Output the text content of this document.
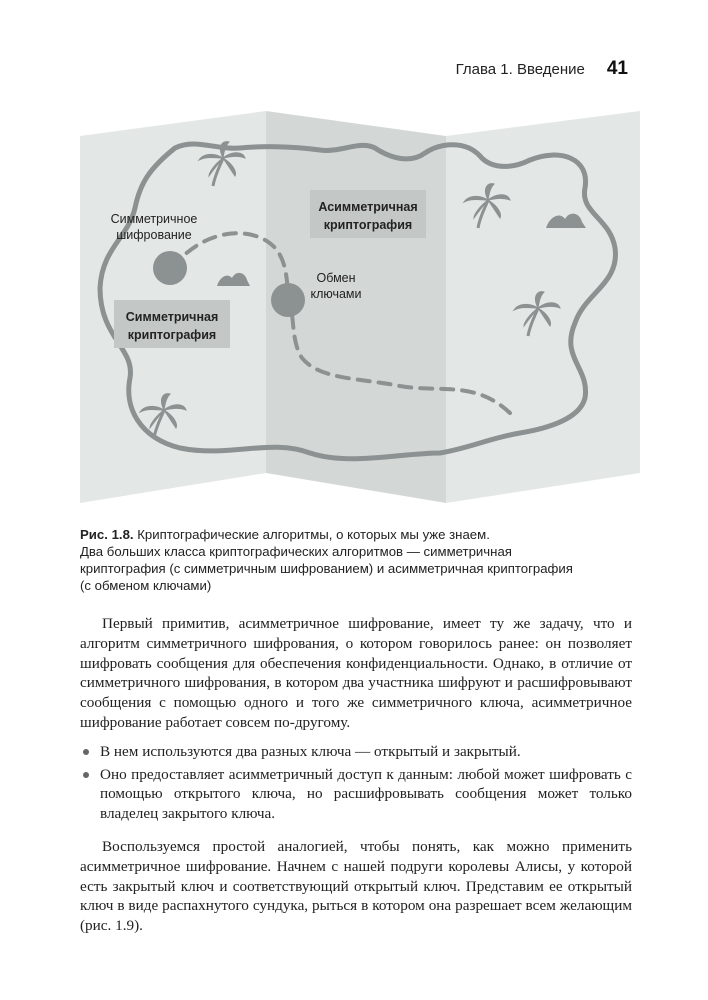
Глава 1. Введение 41
Асимметричная
криптография
Симметричная
криптография
Симметричное
шифрование
Обмен
ключами
Рис. 1.8. Криптографические алгоритмы, о которых мы уже знаем.
Два больших класса криптографических алгоритмов — симметричная
криптография (с симметричным шифрованием) и асимметричная криптография
(с обменом ключами)

Первый примитив, асимметричное шифрование, имеет ту же задачу, что и алгоритм симметричного шифрования, о котором говорилось ранее: он позволяет шифровать сообщения для обеспечения конфиденциальности. Однако, в отличие от симметричного шифрования, в котором два участника шифруют и расшифровывают сообщения с помощью одного и того же симметричного ключа, асимметричное шифрование работает совсем по-другому.

В нем используются два разных ключа — открытый и закрытый.
Оно предоставляет асимметричный доступ к данным: любой может шифровать с помощью открытого ключа, но расшифровывать сообщения может только владелец закрытого ключа.

Воспользуемся простой аналогией, чтобы понять, как можно применить асимметричное шифрование. Начнем с нашей подруги королевы Алисы, у которой есть закрытый ключ и соответствующий открытый ключ. Представим ее открытый ключ в виде распахнутого сундука, рыться в котором она разрешает всем желающим (рис. 1.9).
